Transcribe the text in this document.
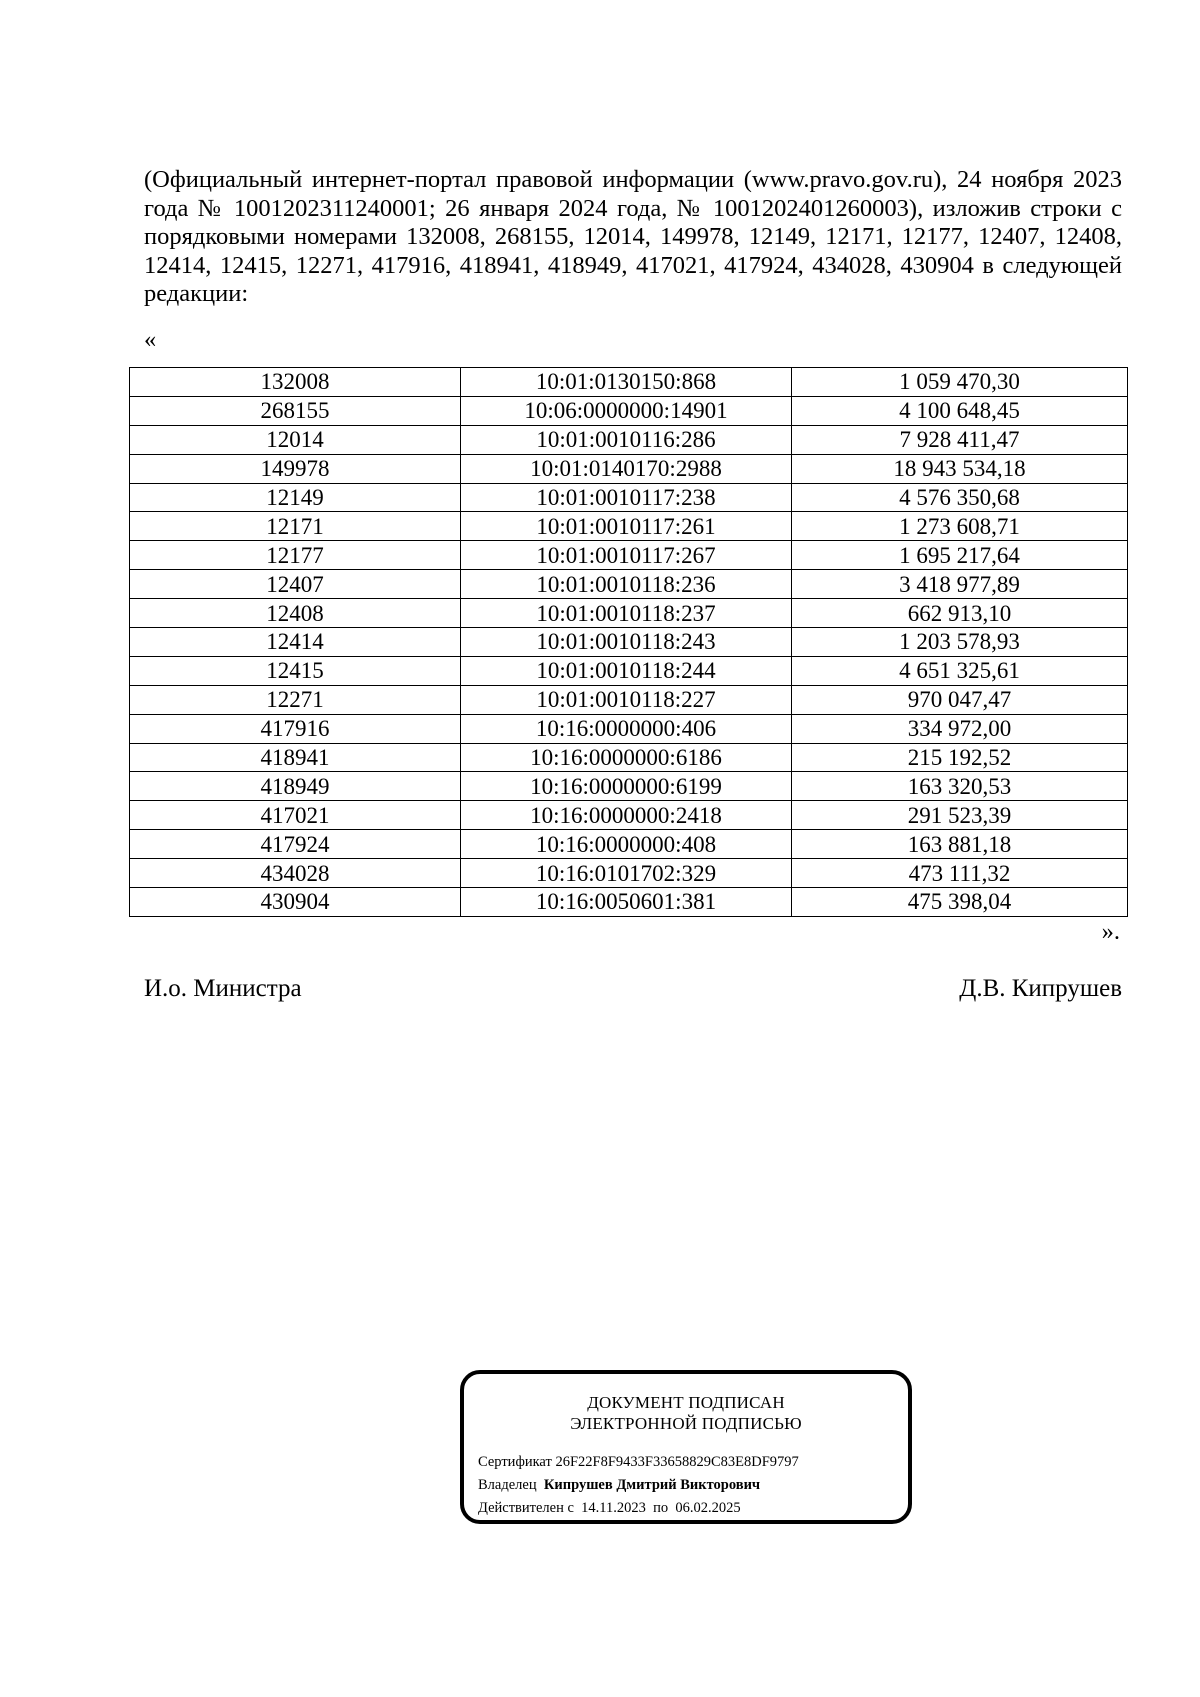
(Официальный интернет-портал правовой информации (www.pravo.gov.ru), 24 ноября 2023 года № 1001202311240001; 26 января 2024 года, № 1001202401260003), изложив строки с порядковыми номерами 132008, 268155, 12014, 149978, 12149, 12171, 12177, 12407, 12408, 12414, 12415, 12271, 417916, 418941, 418949, 417021, 417924, 434028, 430904 в следующей редакции:
«
132008	10:01:0130150:868	1 059 470,30
268155	10:06:0000000:14901	4 100 648,45
12014	10:01:0010116:286	7 928 411,47
149978	10:01:0140170:2988	18 943 534,18
12149	10:01:0010117:238	4 576 350,68
12171	10:01:0010117:261	1 273 608,71
12177	10:01:0010117:267	1 695 217,64
12407	10:01:0010118:236	3 418 977,89
12408	10:01:0010118:237	662 913,10
12414	10:01:0010118:243	1 203 578,93
12415	10:01:0010118:244	4 651 325,61
12271	10:01:0010118:227	970 047,47
417916	10:16:0000000:406	334 972,00
418941	10:16:0000000:6186	215 192,52
418949	10:16:0000000:6199	163 320,53
417021	10:16:0000000:2418	291 523,39
417924	10:16:0000000:408	163 881,18
434028	10:16:0101702:329	473 111,32
430904	10:16:0050601:381	475 398,04
».
И.о. Министра	Д.В. Кипрушев
ДОКУМЕНТ ПОДПИСАН
ЭЛЕКТРОННОЙ ПОДПИСЬЮ
Сертификат 26F22F8F9433F33658829C83E8DF9797
Владелец Кипрушев Дмитрий Викторович
Действителен с 14.11.2023 по 06.02.2025
